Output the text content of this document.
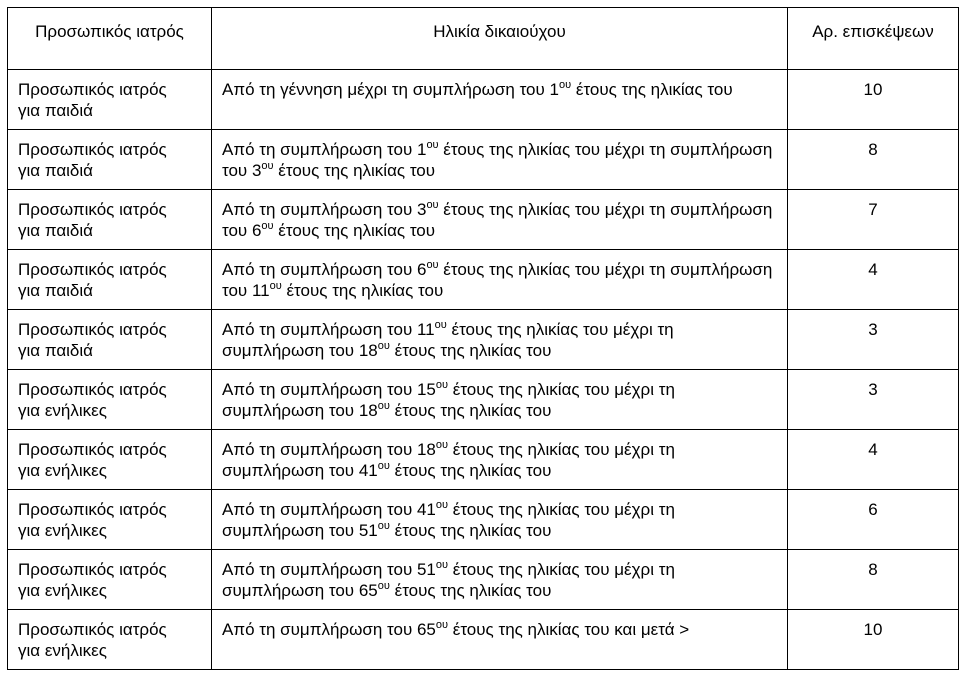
Προσωπικός ιατρός	Ηλικία δικαιούχου	Αρ. επισκέψεων

Προσωπικός ιατρός
για παιδιά	Από τη γέννηση μέχρι τη συμπλήρωση του $1^{o\upsilon}$ έτους της ηλικίας του	10

Προσωπικός ιατρός
για παιδιά	Από τη συμπλήρωση του $1^{o\upsilon}$ έτους της ηλικίας του μέχρι τη συμπλήρωση του $3^{o\upsilon}$ έτους της ηλικίας του	8

Προσωπικός ιατρός
για παιδιά	Από τη συμπλήρωση του $3^{o\upsilon}$ έτους της ηλικίας του μέχρι τη συμπλήρωση του $6^{o\upsilon}$ έτους της ηλικίας του	7

Προσωπικός ιατρός
για παιδιά	Από τη συμπλήρωση του $6^{o\upsilon}$ έτους της ηλικίας του μέχρι τη συμπλήρωση του $11^{o\upsilon}$ έτους της ηλικίας του	4

Προσωπικός ιατρός
για παιδιά	Από τη συμπλήρωση του $11^{o\upsilon}$ έτους της ηλικίας του μέχρι τη συμπλήρωση του $18^{o\upsilon}$ έτους της ηλικίας του	3

Προσωπικός ιατρός
για ενήλικες	Από τη συμπλήρωση του $15^{o\upsilon}$ έτους της ηλικίας του μέχρι τη συμπλήρωση του $18^{o\upsilon}$ έτους της ηλικίας του	3

Προσωπικός ιατρός
για ενήλικες	Από τη συμπλήρωση του $18^{o\upsilon}$ έτους της ηλικίας του μέχρι τη συμπλήρωση του $41^{o\upsilon}$ έτους της ηλικίας του	4

Προσωπικός ιατρός
για ενήλικες	Από τη συμπλήρωση του $41^{o\upsilon}$ έτους της ηλικίας του μέχρι τη συμπλήρωση του $51^{o\upsilon}$ έτους της ηλικίας του	6

Προσωπικός ιατρός
για ενήλικες	Από τη συμπλήρωση του $51^{o\upsilon}$ έτους της ηλικίας του μέχρι τη συμπλήρωση του $65^{o\upsilon}$ έτους της ηλικίας του	8

Προσωπικός ιατρός
για ενήλικες	Από τη συμπλήρωση του $65^{o\upsilon}$ έτους της ηλικίας του και μετά >	10
